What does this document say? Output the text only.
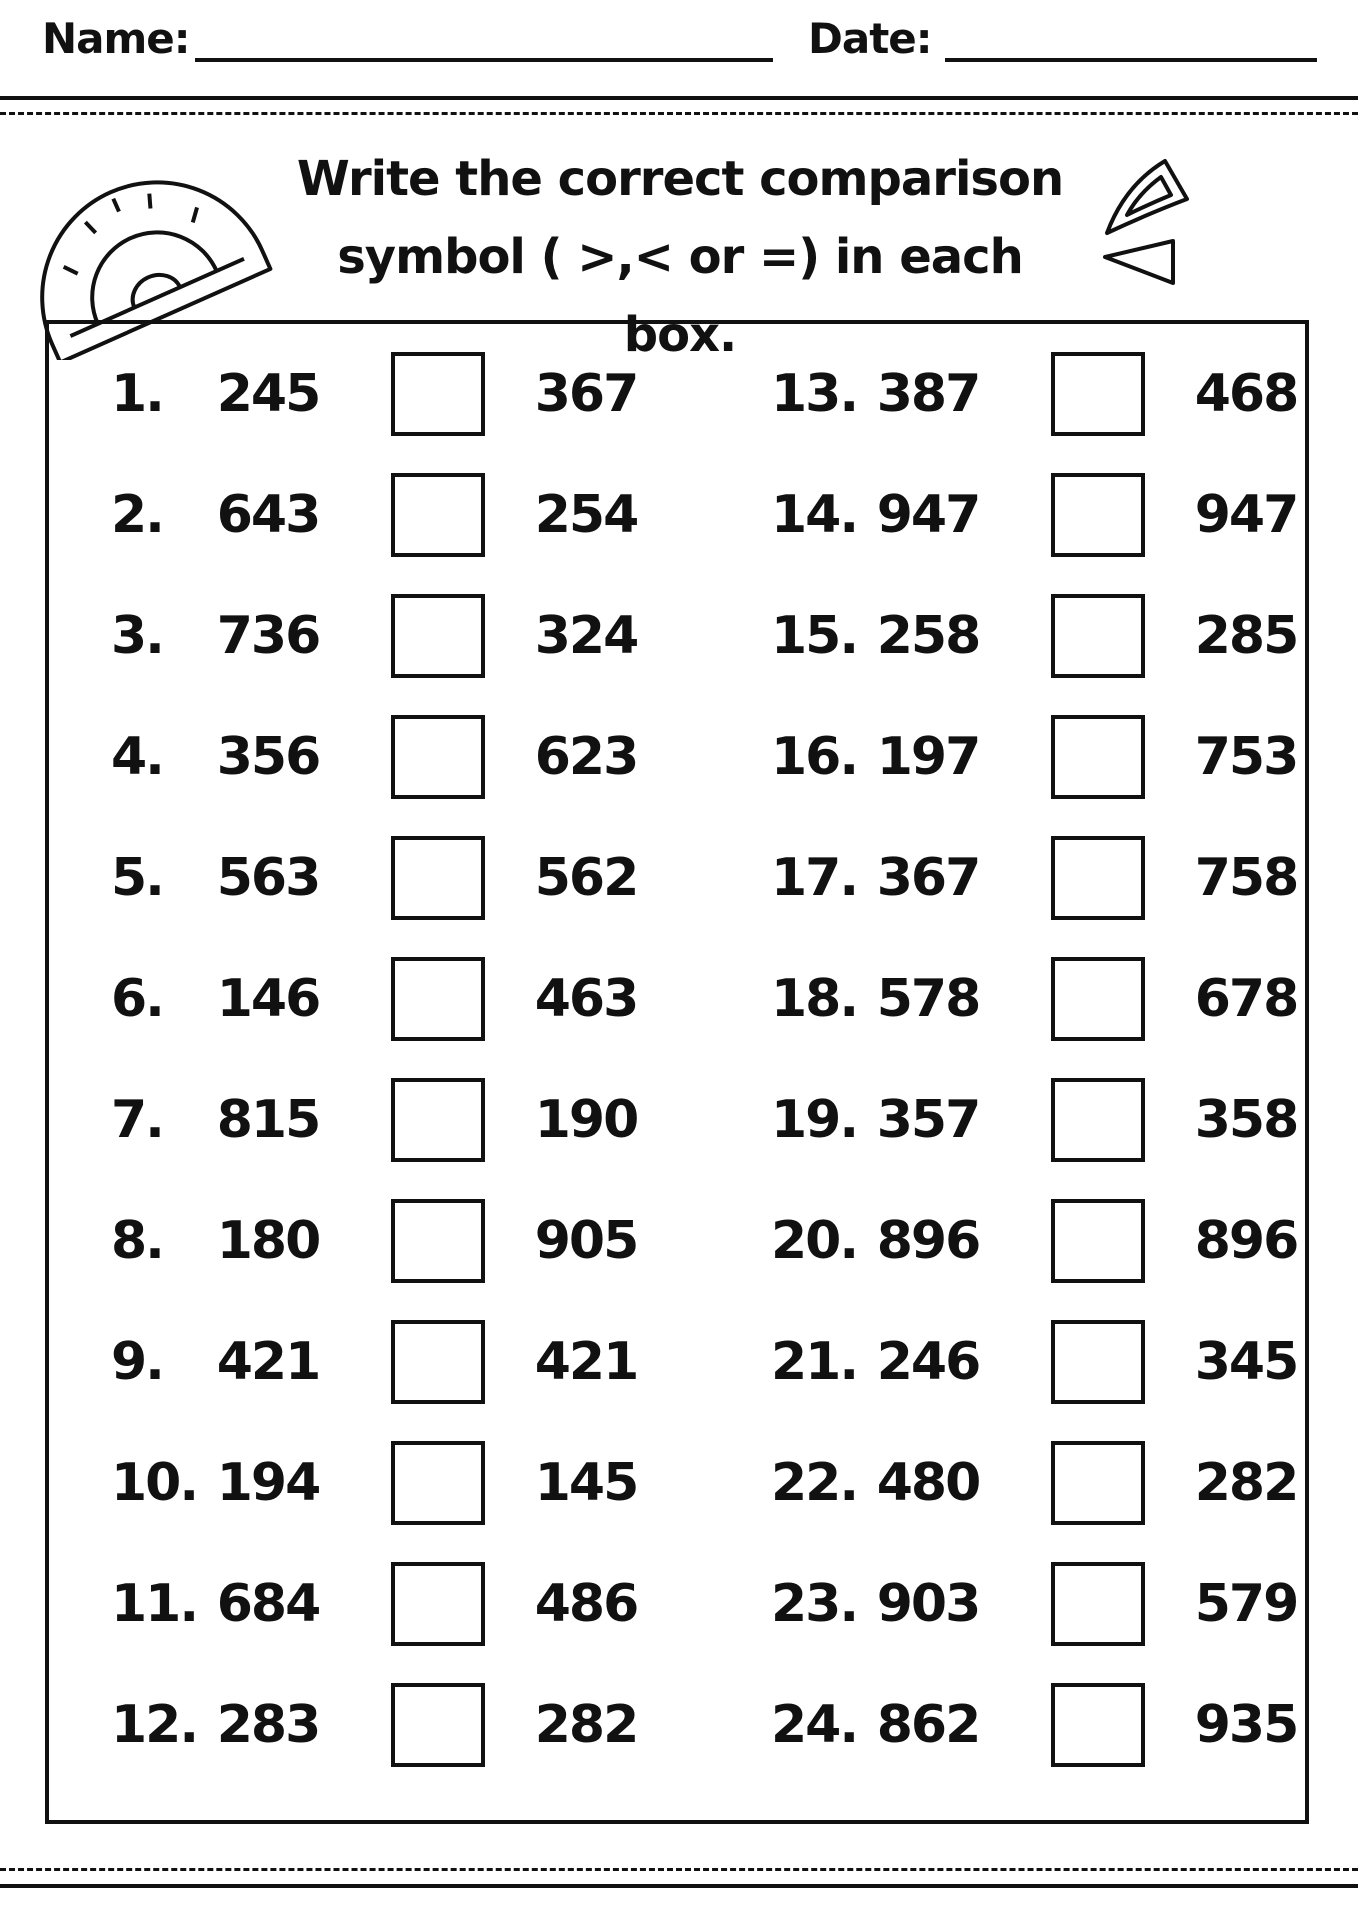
Name:	Date:
Write the correct comparison
symbol ( >,< or =) in each box.
1. 245	367
2. 643	254
3. 736	324
4. 356	623
5. 563	562
6. 146	463
7. 815	190
8. 180	905
9. 421	421
10. 194	145
11. 684	486
12. 283	282
13. 387	468
14. 947	947
15. 258	285
16. 197	753
17. 367	758
18. 578	678
19. 357	358
20. 896	896
21. 246	345
22. 480	282
23. 903	579
24. 862	935
